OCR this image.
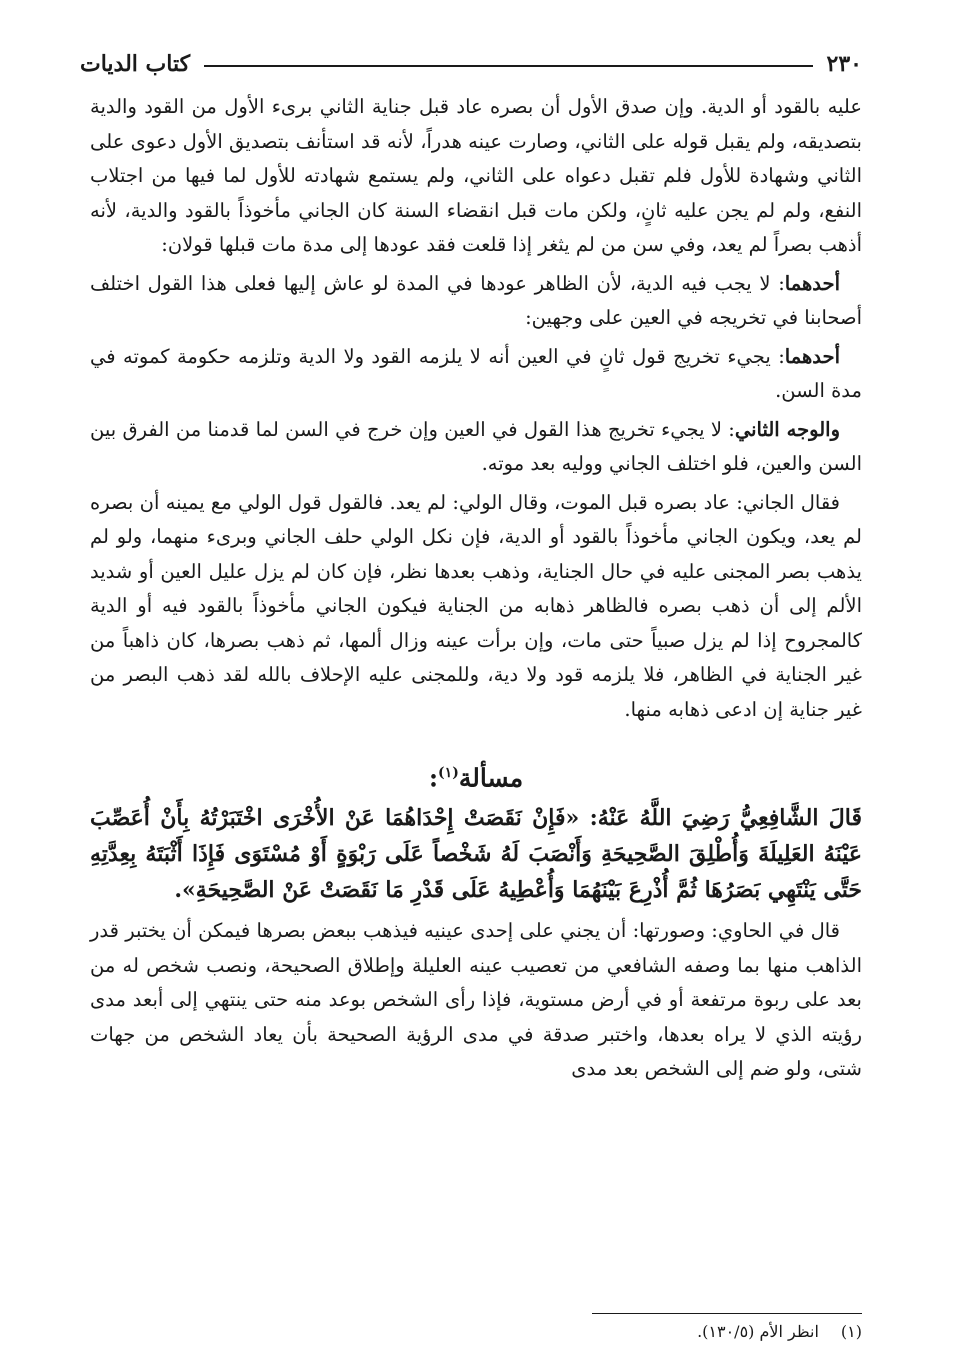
٢٣٠
كتاب الديات

عليه بالقود أو الدية. وإن صدق الأول أن بصره عاد قبل جناية الثاني برىء الأول من القود والدية بتصديقه، ولم يقبل قوله على الثاني، وصارت عينه هدراً، لأنه قد استأنف بتصديق الأول دعوى على الثاني وشهادة للأول فلم تقبل دعواه على الثاني، ولم يستمع شهادته للأول لما فيها من اجتلاب النفع، ولم لم يجن عليه ثانٍ، ولكن مات قبل انقضاء السنة كان الجاني مأخوذاً بالقود والدية، لأنه أذهب بصراً لم يعد، وفي سن من لم يثغر إذا قلعت فقد عودها إلى مدة مات قبلها قولان:

أحدهما: لا يجب فيه الدية، لأن الظاهر عودها في المدة لو عاش إليها فعلى هذا القول اختلف أصحابنا في تخريجه في العين على وجهين:

أحدهما: يجيء تخريج قول ثانٍ في العين أنه لا يلزمه القود ولا الدية وتلزمه حكومة كموته في مدة السن.

والوجه الثاني: لا يجيء تخريج هذا القول في العين وإن خرج في السن لما قدمنا من الفرق بين السن والعين، فلو اختلف الجاني ووليه بعد موته.

فقال الجاني: عاد بصره قبل الموت، وقال الولي: لم يعد. فالقول قول الولي مع يمينه أن بصره لم يعد، ويكون الجاني مأخوذاً بالقود أو الدية، فإن نكل الولي حلف الجاني وبرىء منهما، ولو لم يذهب بصر المجنى عليه في حال الجناية، وذهب بعدها نظر، فإن كان لم يزل عليل العين أو شديد الألم إلى أن ذهب بصره فالظاهر ذهابه من الجناية فيكون الجاني مأخوذاً بالقود فيه أو الدية كالمجروح إذا لم يزل صبياً حتى مات، وإن برأت عينه وزال ألمها، ثم ذهب بصرها، كان ذاهباً من غير الجناية في الظاهر، فلا يلزمه قود ولا دية، وللمجنى عليه الإحلاف بالله لقد ذهب البصر من غير جناية إن ادعى ذهابه منها.

مسألة$^{(١)}$:

قَالَ الشَّافِعِيُّ رَضِيَ اللَّهُ عَنْهُ: «فَإِنْ نَقَصَتْ إِحْدَاهُمَا عَنْ الأُخْرَى اخْتَبَرْتُهُ بِأَنْ أُعَصِّبَ عَيْنَهُ العَلِيلَةَ وَأُطْلِقَ الصَّحِيحَةِ وَأَنْصَبَ لَهُ شَخْصاً عَلَى رَبْوَةٍ أَوْ مُسْتَوَى فَإِذَا أَثْبَتَهُ بِعِدَّتِهِ حَتَّى يَنْتَهِي بَصَرُهَا ثُمَّ أُذْرِعَ بَيْنَهُمَا وَأُعْطِيهُ عَلَى قَدْرِ مَا نَقَصَتْ عَنْ الصَّحِيحَةِ».

قال في الحاوي: وصورتها: أن يجني على إحدى عينيه فيذهب ببعض بصرها فيمكن أن يختبر قدر الذاهب منها بما وصفه الشافعي من تعصيب عينه العليلة وإطلاق الصحيحة، ونصب شخص له من بعد على ربوة مرتفعة أو في أرض مستوية، فإذا رأى الشخص بوعد منه حتى ينتهي إلى أبعد مدى رؤيته الذي لا يراه بعدها، واختبر صدقة في مدى الرؤية الصحيحة بأن يعاد الشخص من جهات شتى، ولو ضم إلى الشخص بعد مدى

(١)انظر الأم (١٣٠/٥).
